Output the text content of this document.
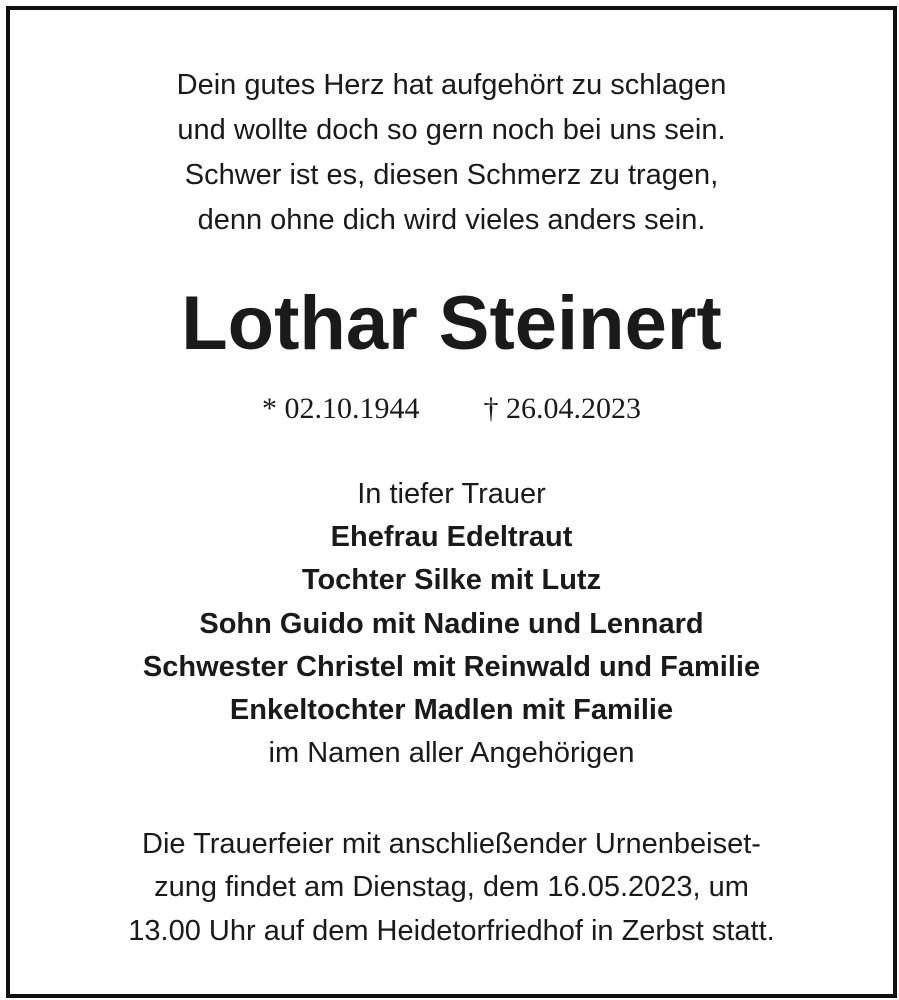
Dein gutes Herz hat aufgehört zu schlagen
und wollte doch so gern noch bei uns sein.
Schwer ist es, diesen Schmerz zu tragen,
denn ohne dich wird vieles anders sein.
Lothar Steinert
* 02.10.1944 † 26.04.2023
In tiefer Trauer
Ehefrau Edeltraut
Tochter Silke mit Lutz
Sohn Guido mit Nadine und Lennard
Schwester Christel mit Reinwald und Familie
Enkeltochter Madlen mit Familie
im Namen aller Angehörigen
Die Trauerfeier mit anschließender Urnenbeiset-
zung findet am Dienstag, dem 16.05.2023, um
13.00 Uhr auf dem Heidetorfriedhof in Zerbst statt.
